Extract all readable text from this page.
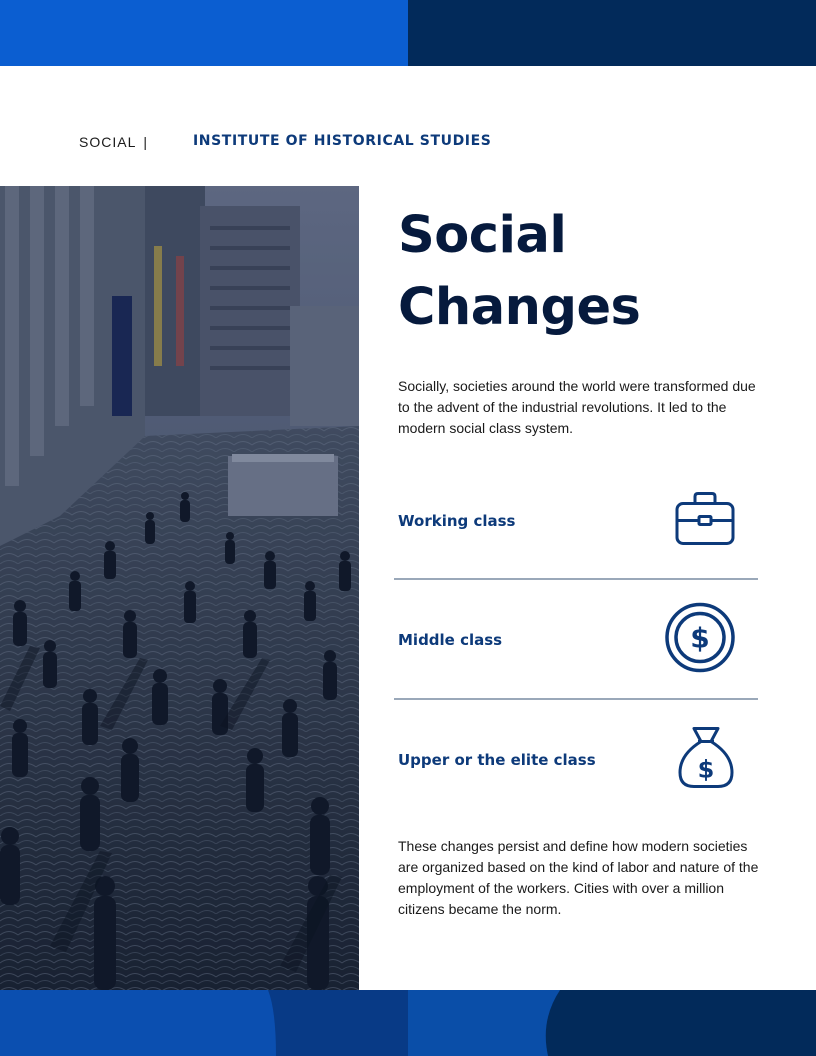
SOCIAL |	INSTITUTE OF HISTORICAL STUDIES
Social
Changes

Socially, societies around the world were transformed due to the advent of the industrial revolutions. It led to the modern social class system.

Working class
Middle class	$
Upper or the elite class	$

These changes persist and define how modern societies are organized based on the kind of labor and nature of the employment of the workers. Cities with over a million citizens became the norm.
